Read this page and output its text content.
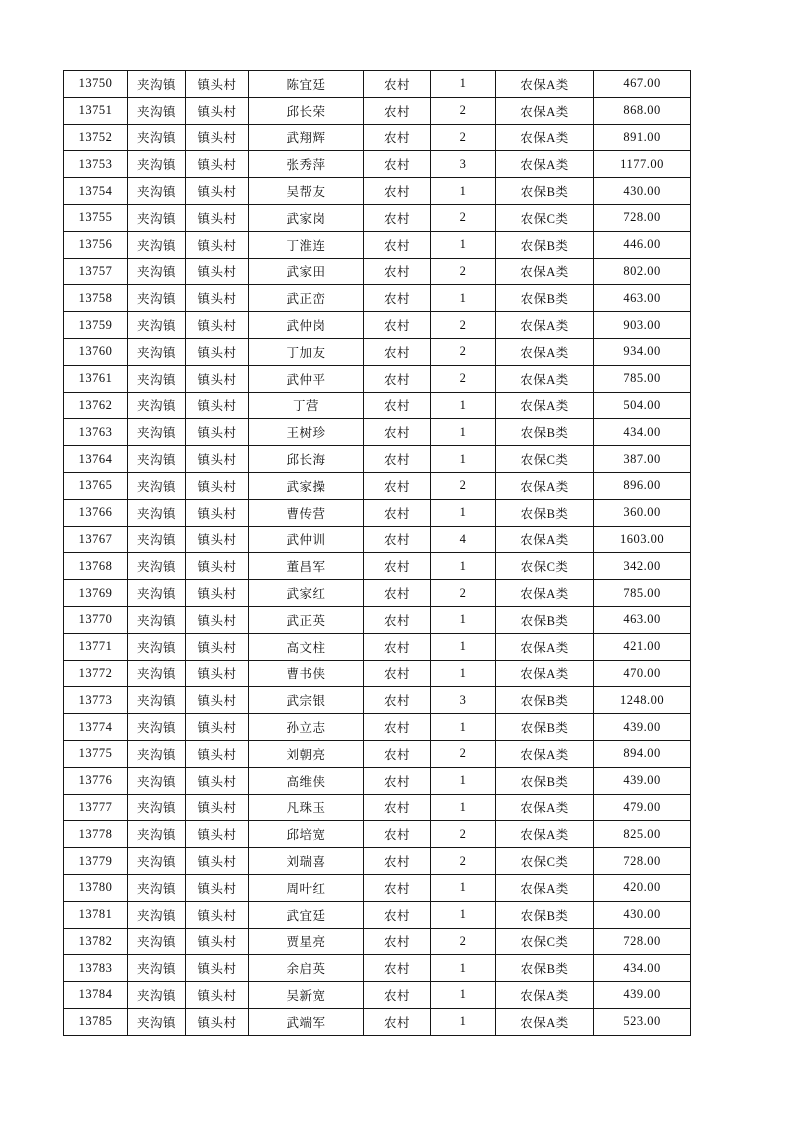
13750	夹沟镇	镇头村	陈宜廷	农村	1	农保A类	467.00
13751	夹沟镇	镇头村	邱长荣	农村	2	农保A类	868.00
13752	夹沟镇	镇头村	武翔辉	农村	2	农保A类	891.00
13753	夹沟镇	镇头村	张秀萍	农村	3	农保A类	1177.00
13754	夹沟镇	镇头村	吴帮友	农村	1	农保B类	430.00
13755	夹沟镇	镇头村	武家岗	农村	2	农保C类	728.00
13756	夹沟镇	镇头村	丁淮连	农村	1	农保B类	446.00
13757	夹沟镇	镇头村	武家田	农村	2	农保A类	802.00
13758	夹沟镇	镇头村	武正峦	农村	1	农保B类	463.00
13759	夹沟镇	镇头村	武仲岗	农村	2	农保A类	903.00
13760	夹沟镇	镇头村	丁加友	农村	2	农保A类	934.00
13761	夹沟镇	镇头村	武仲平	农村	2	农保A类	785.00
13762	夹沟镇	镇头村	丁营	农村	1	农保A类	504.00
13763	夹沟镇	镇头村	王树珍	农村	1	农保B类	434.00
13764	夹沟镇	镇头村	邱长海	农村	1	农保C类	387.00
13765	夹沟镇	镇头村	武家操	农村	2	农保A类	896.00
13766	夹沟镇	镇头村	曹传营	农村	1	农保B类	360.00
13767	夹沟镇	镇头村	武仲训	农村	4	农保A类	1603.00
13768	夹沟镇	镇头村	董昌军	农村	1	农保C类	342.00
13769	夹沟镇	镇头村	武家红	农村	2	农保A类	785.00
13770	夹沟镇	镇头村	武正英	农村	1	农保B类	463.00
13771	夹沟镇	镇头村	高文柱	农村	1	农保A类	421.00
13772	夹沟镇	镇头村	曹书侠	农村	1	农保A类	470.00
13773	夹沟镇	镇头村	武宗银	农村	3	农保B类	1248.00
13774	夹沟镇	镇头村	孙立志	农村	1	农保B类	439.00
13775	夹沟镇	镇头村	刘朝亮	农村	2	农保A类	894.00
13776	夹沟镇	镇头村	高维侠	农村	1	农保B类	439.00
13777	夹沟镇	镇头村	凡珠玉	农村	1	农保A类	479.00
13778	夹沟镇	镇头村	邱培宽	农村	2	农保A类	825.00
13779	夹沟镇	镇头村	刘瑞喜	农村	2	农保C类	728.00
13780	夹沟镇	镇头村	周叶红	农村	1	农保A类	420.00
13781	夹沟镇	镇头村	武宜廷	农村	1	农保B类	430.00
13782	夹沟镇	镇头村	贾星亮	农村	2	农保C类	728.00
13783	夹沟镇	镇头村	余启英	农村	1	农保B类	434.00
13784	夹沟镇	镇头村	吴新宽	农村	1	农保A类	439.00
13785	夹沟镇	镇头村	武端军	农村	1	农保A类	523.00
